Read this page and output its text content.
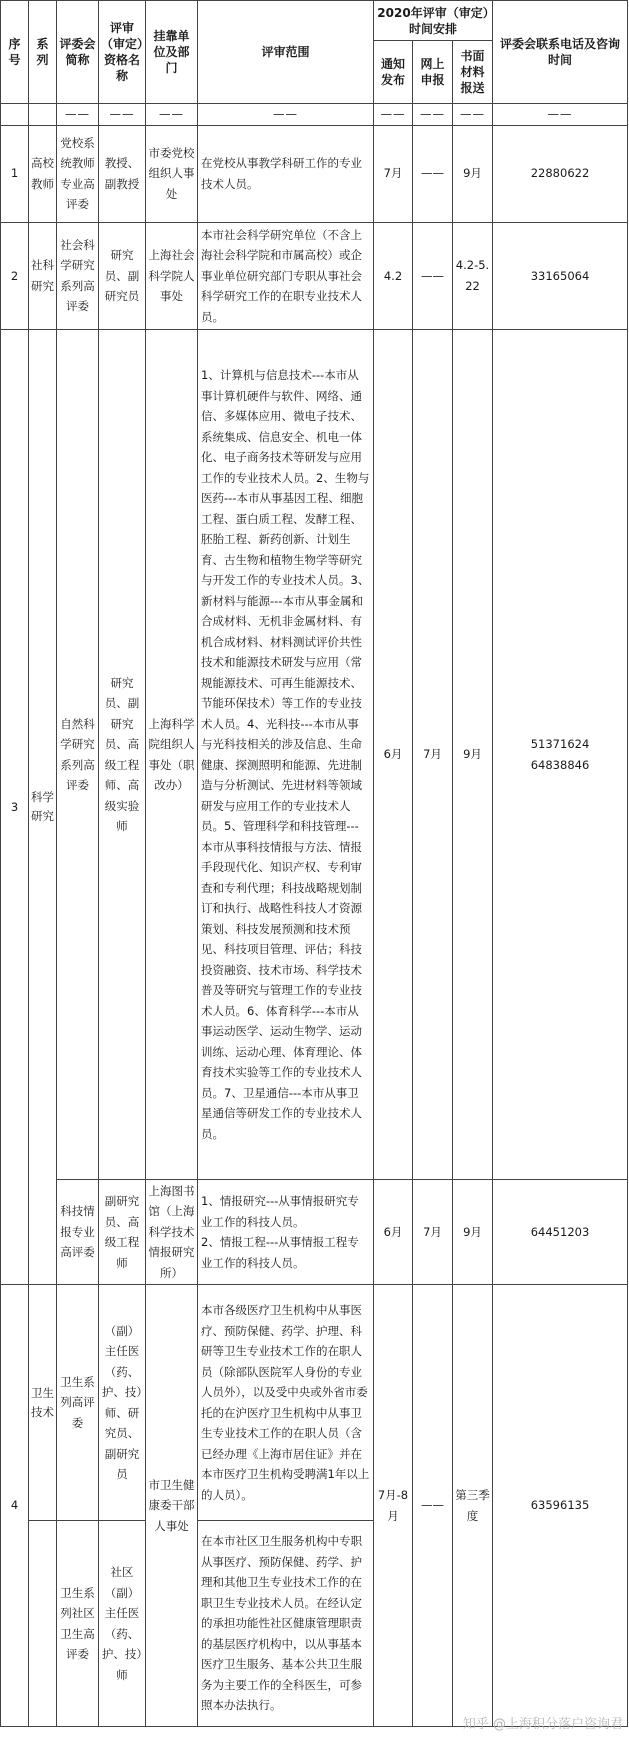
序号	系列	评委会简称	评审（审定）资格名称	挂靠单位及部门	评审范围	2020年评审（审定）时间安排			评委会联系电话及咨询时间
						通知发布	网上申报	书面材料报送	
		——	——	——	——	——	——	——	——
1	高校教师	党校系统教师专业高评委	教授、副教授	市委党校组织人事处	在党校从事教学科研工作的专业技术人员。	7月	——	9月	22880622
2	社科研究	社会科学研究系列高评委	研究员、副研究员	上海社会科学院人事处	本市社会科学研究单位（不含上海社会科学院和市属高校）或企事业单位研究部门专职从事社会科学研究工作的在职专业技术人员。	4.2	——	4.2-5.22	33165064
3	科学研究	自然科学研究系列高评委	研究员、副研究员、高级工程师、高级实验师	上海科学院组织人事处（职改办）	1、计算机与信息技术---本市从事计算机硬件与软件、网络、通信、多媒体应用、微电子技术、系统集成、信息安全、机电一体化、电子商务技术等研发与应用工作的专业技术人员。2、生物与医药---本市从事基因工程、细胞工程、蛋白质工程、发酵工程、胚胎工程、新药创新、计划生育、古生物和植物生物学等研究与开发工作的专业技术人员。3、新材料与能源---本市从事金属和合成材料、无机非金属材料、有机合成材料、材料测试评价共性技术和能源技术研发与应用（常规能源技术、可再生能源技术、节能环保技术）等工作的专业技术人员。4、光科技---本市从事与光科技相关的涉及信息、生命健康、探测照明和能源、先进制造与分析测试、先进材料等领域研发与应用工作的专业技术人员。5、管理科学和科技管理---本市从事科技情报与方法、情报手段现代化、知识产权、专利审查和专利代理；科技战略规划制订和执行、战略性科技人才资源策划、科技发展预测和技术预见、科技项目管理、评估；科技投资融资、技术市场、科学技术普及等研究与管理工作的专业技术人员。6、体育科学---本市从事运动医学、运动生物学、运动训练、运动心理、体育理论、体育技术实验等工作的专业技术人员。7、卫星通信---本市从事卫星通信等研发工作的专业技术人员。	6月	7月	9月	51371624
64838846

		科技情报专业高评委	副研究员、高级工程师	上海图书馆（上海科学技术情报研究所）	1、情报研究---从事情报研究专业工作的科技人员。
2、情报工程---从事情报工程专业工作的科技人员。	6月	7月	9月	64451203
4	卫生技术	卫生系列高评委	（副）主任医（药、护、技）师、研究员、副研究员	市卫生健康委干部人事处	本市各级医疗卫生机构中从事医疗、预防保健、药学、护理、科研等卫生专业技术工作的在职人员（除部队医院军人身份的专业人员外），以及受中央或外省市委托的在沪医疗卫生机构中从事卫生专业技术工作的在职人员（含已经办理《上海市居住证》并在本市医疗卫生机构受聘满1年以上的人员）。	7月-8月	——	第三季度	63596135
		卫生系列社区卫生高评委	社区（副）主任医（药、护、技）师		在本市社区卫生服务机构中专职从事医疗、预防保健、药学、护理和其他卫生专业技术工作的在职卫生专业技术人员。在经认定的承担功能性社区健康管理职责的基层医疗机构中，以从事基本医疗卫生服务、基本公共卫生服务为主要工作的全科医生，可参照本办法执行。				
知乎 @上海积分落户咨询君
